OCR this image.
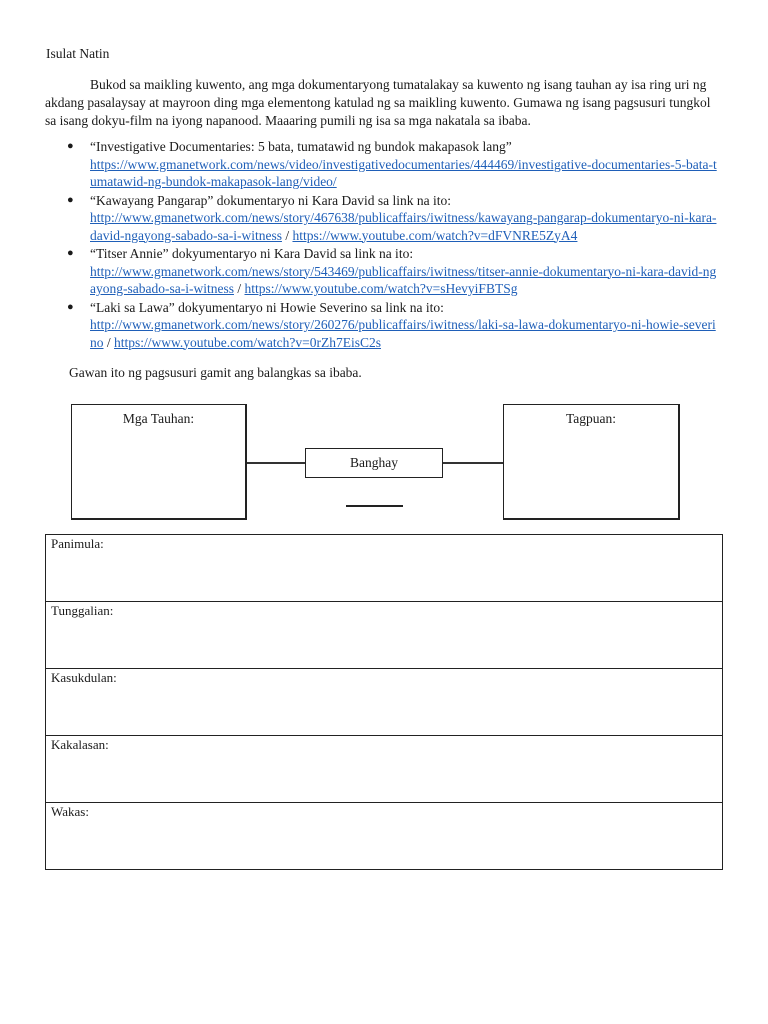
Isulat Natin

Bukod sa maikling kuwento, ang mga dokumentaryong tumatalakay sa kuwento ng isang tauhan ay isa ring uri ng akdang pasalaysay at mayroon ding mga elementong katulad ng sa maikling kuwento. Gumawa ng isang pagsusuri tungkol sa isang dokyu-film na iyong napanood. Maaaring pumili ng isa sa mga nakatala sa ibaba.

● “Investigative Documentaries: 5 bata, tumatawid ng bundok makapasok lang”
https://www.gmanetwork.com/news/video/investigativedocumentaries/444469/investigative-documentaries-5-bata-tumatawid-ng-bundok-makapasok-lang/video/
● “Kawayang Pangarap” dokumentaryo ni Kara David sa link na ito:
http://www.gmanetwork.com/news/story/467638/publicaffairs/iwitness/kawayang-pangarap-dokumentaryo-ni-kara-david-ngayong-sabado-sa-i-witness / https://www.youtube.com/watch?v=dFVNRE5ZyA4
● “Titser Annie” dokyumentaryo ni Kara David sa link na ito:
http://www.gmanetwork.com/news/story/543469/publicaffairs/iwitness/titser-annie-dokumentaryo-ni-kara-david-ngayong-sabado-sa-i-witness / https://www.youtube.com/watch?v=sHevyiFBTSg
● “Laki sa Lawa” dokyumentaryo ni Howie Severino sa link na ito:
http://www.gmanetwork.com/news/story/260276/publicaffairs/iwitness/laki-sa-lawa-dokumentaryo-ni-howie-severino / https://www.youtube.com/watch?v=0rZh7EisC2s
Gawan ito ng pagsusuri gamit ang balangkas sa ibaba.
Mga Tauhan:
Banghay
Tagpuan:
Panimula:
Tunggalian:
Kasukdulan:
Kakalasan:
Wakas:
